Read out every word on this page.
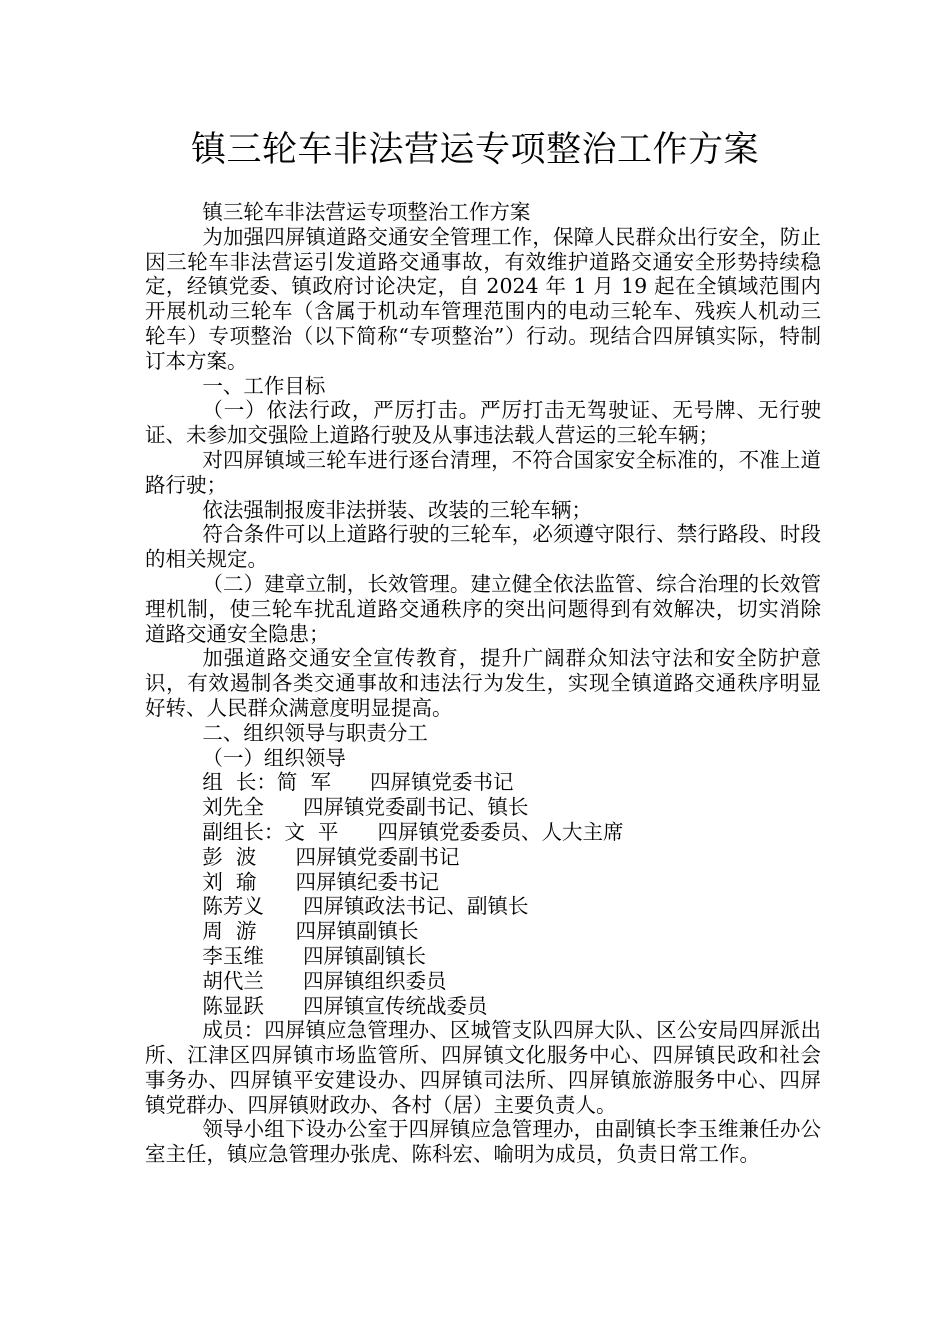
镇三轮车非法营运专项整治工作方案

镇三轮车非法营运专项整治工作方案

为加强四屏镇道路交通安全管理工作，保障人民群众出行安全，防止因三轮车非法营运引发道路交通事故，有效维护道路交通安全形势持续稳定，经镇党委、镇政府讨论决定，自 2024 年 1 月 19 起在全镇域范围内开展机动三轮车（含属于机动车管理范围内的电动三轮车、残疾人机动三轮车）专项整治（以下简称“专项整治”）行动。现结合四屏镇实际，特制订本方案。

一、工作目标

（一）依法行政，严厉打击。严厉打击无驾驶证、无号牌、无行驶证、未参加交强险上道路行驶及从事违法载人营运的三轮车辆；

对四屏镇域三轮车进行逐台清理，不符合国家安全标准的，不准上道路行驶；

依法强制报废非法拼装、改装的三轮车辆；

符合条件可以上道路行驶的三轮车，必须遵守限行、禁行路段、时段的相关规定。

（二）建章立制，长效管理。建立健全依法监管、综合治理的长效管理机制，使三轮车扰乱道路交通秩序的突出问题得到有效解决，切实消除道路交通安全隐患；

加强道路交通安全宣传教育，提升广阔群众知法守法和安全防护意识，有效遏制各类交通事故和违法行为发生，实现全镇道路交通秩序明显好转、人民群众满意度明显提高。

二、组织领导与职责分工

（一）组织领导

组  长：简  军      四屏镇党委书记

刘先全      四屏镇党委副书记、镇长

副组长：文  平      四屏镇党委委员、人大主席

彭  波      四屏镇党委副书记

刘  瑜      四屏镇纪委书记

陈芳义      四屏镇政法书记、副镇长

周  游      四屏镇副镇长

李玉维      四屏镇副镇长

胡代兰      四屏镇组织委员

陈显跃      四屏镇宣传统战委员

成员：四屏镇应急管理办、区城管支队四屏大队、区公安局四屏派出所、江津区四屏镇市场监管所、四屏镇文化服务中心、四屏镇民政和社会事务办、四屏镇平安建设办、四屏镇司法所、四屏镇旅游服务中心、四屏镇党群办、四屏镇财政办、各村（居）主要负责人。

领导小组下设办公室于四屏镇应急管理办，由副镇长李玉维兼任办公室主任，镇应急管理办张虎、陈科宏、喻明为成员，负责日常工作。
